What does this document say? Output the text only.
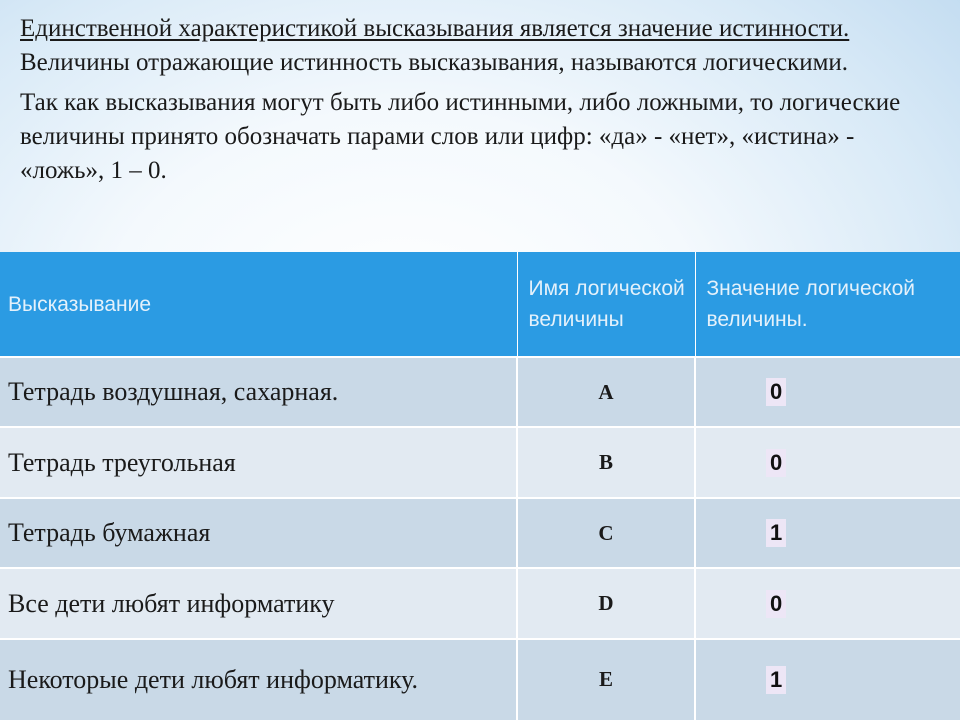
Единственной характеристикой высказывания является значение истинности. Величины отражающие истинность высказывания, называются логическими.

Так как высказывания могут быть либо истинными, либо ложными, то логические величины принято обозначать парами слов или цифр: «да» - «нет», «истина» - «ложь», 1 – 0.

Высказывание	Имя логической величины	Значение логической величины.
Тетрадь воздушная, сахарная.	A	0
Тетрадь треугольная	B	0
Тетрадь бумажная	C	1
Все дети любят информатику	D	0
Некоторые дети любят информатику.	E	1
